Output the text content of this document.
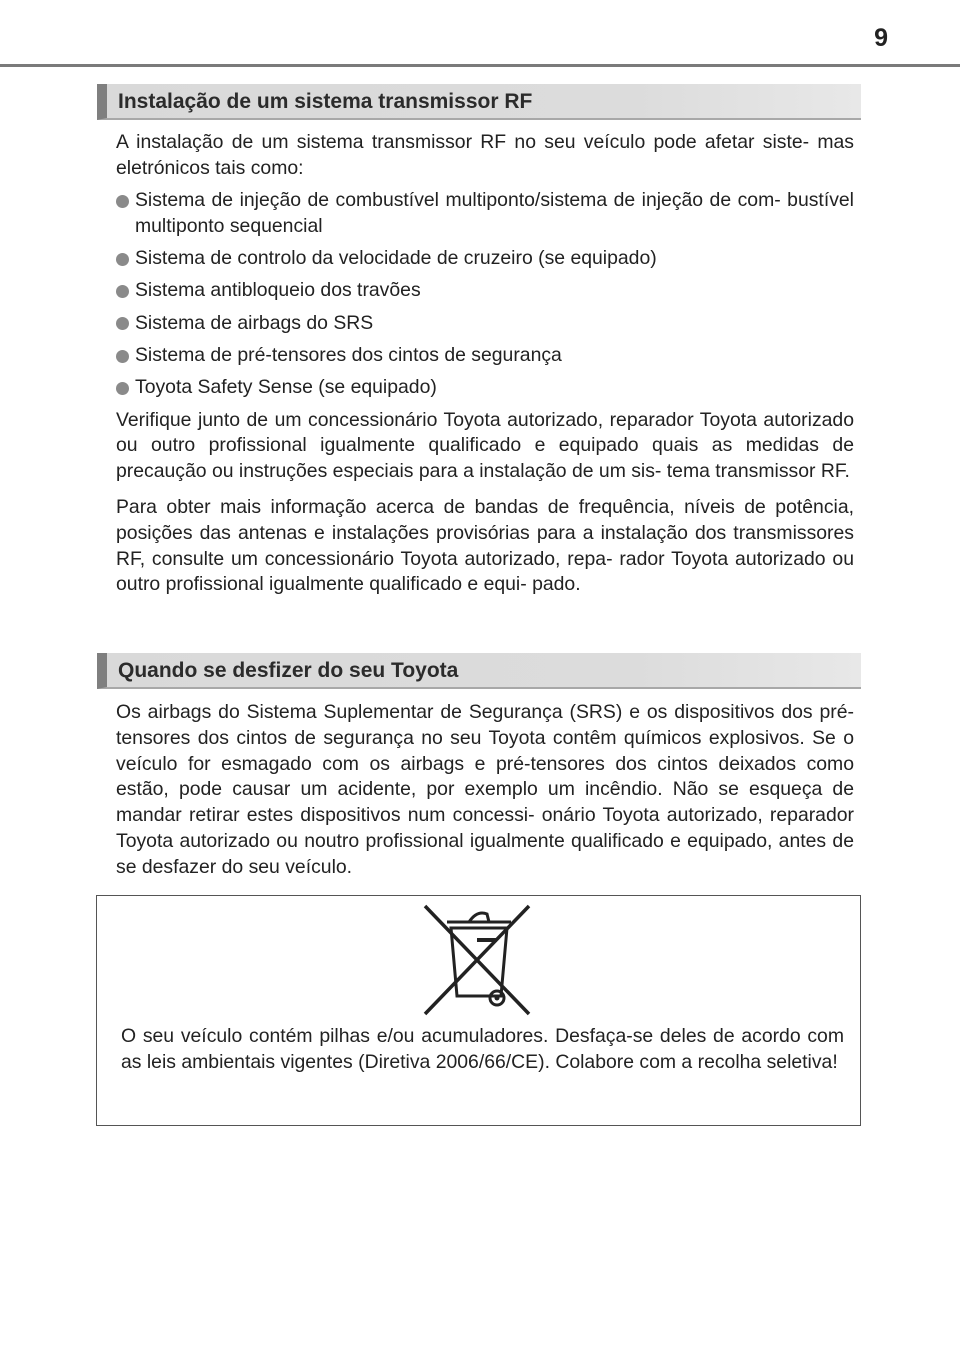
9
Instalação de um sistema transmissor RF

A instalação de um sistema transmissor RF no seu veículo pode afetar siste- mas eletrónicos tais como:

Sistema de injeção de combustível multiponto/sistema de injeção de com- bustível multiponto sequencial
Sistema de controlo da velocidade de cruzeiro (se equipado)
Sistema antibloqueio dos travões
Sistema de airbags do SRS
Sistema de pré-tensores dos cintos de segurança
Toyota Safety Sense (se equipado)

Verifique junto de um concessionário Toyota autorizado, reparador Toyota autorizado ou outro profissional igualmente qualificado e equipado quais as medidas de precaução ou instruções especiais para a instalação de um sis- tema transmissor RF.

Para obter mais informação acerca de bandas de frequência, níveis de potência, posições das antenas e instalações provisórias para a instalação dos transmissores RF, consulte um concessionário Toyota autorizado, repa- rador Toyota autorizado ou outro profissional igualmente qualificado e equi- pado.

Quando se desfizer do seu Toyota

Os airbags do Sistema Suplementar de Segurança (SRS) e os dispositivos dos pré-tensores dos cintos de segurança no seu Toyota contêm químicos explosivos. Se o veículo for esmagado com os airbags e pré-tensores dos cintos deixados como estão, pode causar um acidente, por exemplo um incêndio. Não se esqueça de mandar retirar estes dispositivos num concessi- onário Toyota autorizado, reparador Toyota autorizado ou noutro profissional igualmente qualificado e equipado, antes de se desfazer do seu veículo.

O seu veículo contém pilhas e/ou acumuladores. Desfaça-se deles de acordo com as leis ambientais vigentes (Diretiva 2006/66/CE). Colabore com a recolha seletiva!
